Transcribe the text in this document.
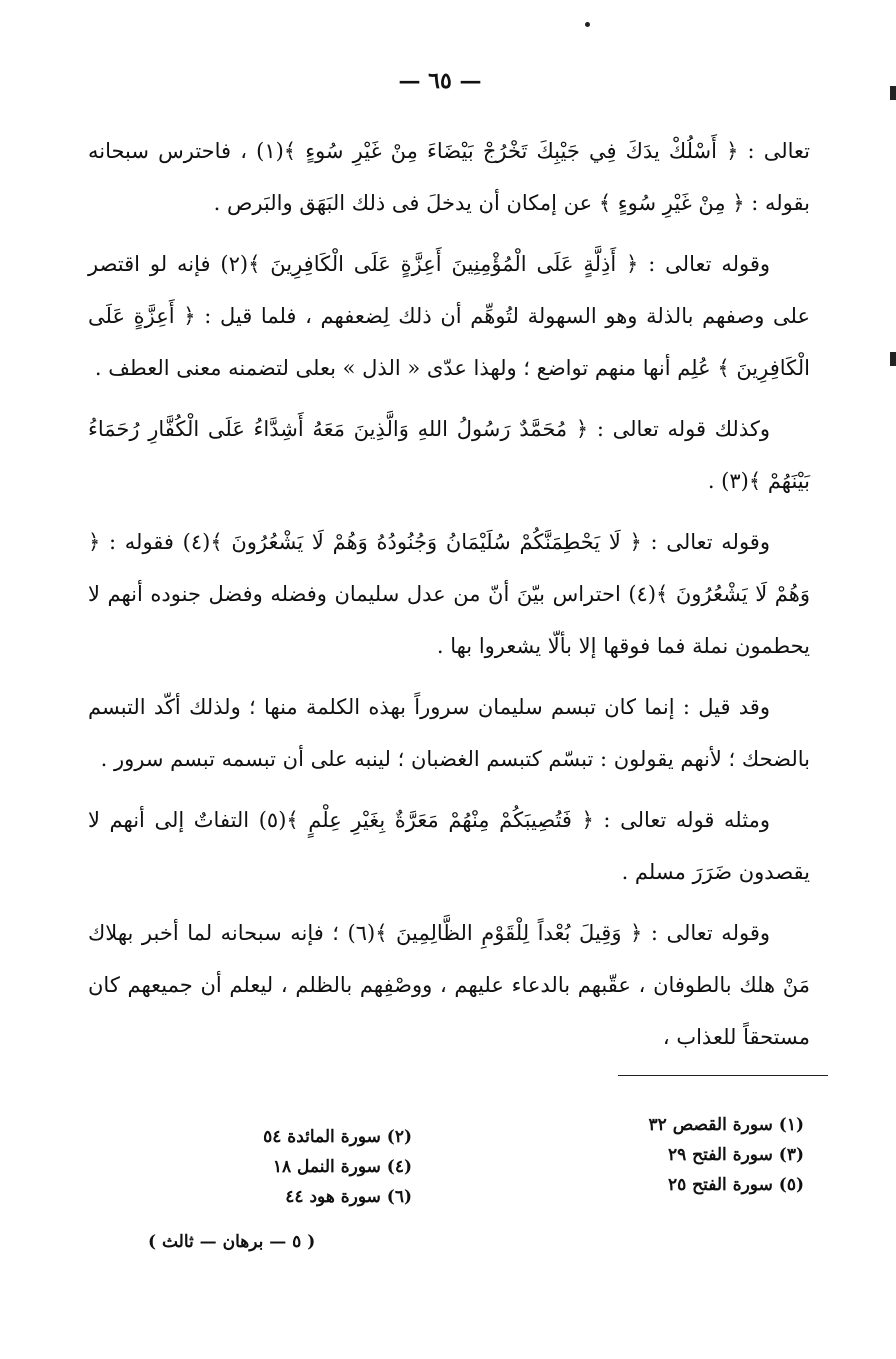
— ٦٥ —

تعالى : ﴿ أَسْلُكْ يدَكَ فِي جَيْبِكَ تَخْرُجْ بَيْضَاءَ مِنْ غَيْرِ سُوءٍ ﴾(١) ، فاحترس سبحانه بقوله : ﴿ مِنْ غَيْرِ سُوءٍ ﴾ عن إمكان أن يدخلَ فى ذلك البَهَق والبَرص .

وقوله تعالى : ﴿ أَذِلَّةٍ عَلَى الْمُؤْمِنِينَ أَعِزَّةٍ عَلَى الْكَافِرِينَ ﴾(٢) فإنه لو اقتصر على وصفهم بالذلة وهو السهولة لتُوهِّم أن ذلك لِضعفهم ، فلما قيل : ﴿ أَعِزَّةٍ عَلَى الْكَافِرِينَ ﴾ عُلِم أنها منهم تواضع ؛ ولهذا عدّى « الذل » بعلى لتضمنه معنى العطف .

وكذلك قوله تعالى : ﴿ مُحَمَّدٌ رَسُولُ اللهِ وَالَّذِينَ مَعَهُ أَشِدَّاءُ عَلَى الْكُفَّارِ رُحَمَاءُ بَيْنَهُمْ ﴾(٣) .

وقوله تعالى : ﴿ لَا يَحْطِمَنَّكُمْ سُلَيْمَانُ وَجُنُودُهُ وَهُمْ لَا يَشْعُرُونَ ﴾(٤) فقوله : ﴿ وَهُمْ لَا يَشْعُرُونَ ﴾(٤) احتراس بيّنَ أنّ من عدل سليمان وفضله وفضل جنوده أنهم لا يحطمون نملة فما فوقها إلا بألّا يشعروا بها .

وقد قيل : إنما كان تبسم سليمان سروراً بهذه الكلمة منها ؛ ولذلك أكّد التبسم بالضحك ؛ لأنهم يقولون : تبسّم كتبسم الغضبان ؛ لينبه على أن تبسمه تبسم سرور .

ومثله قوله تعالى : ﴿ فَتُصِيبَكُمْ مِنْهُمْ مَعَرَّةٌ بِغَيْرِ عِلْمٍ ﴾(٥) التفاتٌ إلى أنهم لا يقصدون ضَرَرَ مسلم .

وقوله تعالى : ﴿ وَقِيلَ بُعْداً لِلْقَوْمِ الظَّالِمِينَ ﴾(٦) ؛ فإنه سبحانه لما أخبر بهلاك مَنْ هلك بالطوفان ، عقّبهم بالدعاء عليهم ، ووصْفِهم بالظلم ، ليعلم أن جميعهم كان مستحقاً للعذاب ،

(١) سورة القصص ٣٢
(٣) سورة الفتح ٢٩
(٥) سورة الفتح ٢٥
(٢) سورة المائدة ٥٤
(٤) سورة النمل ١٨
(٦) سورة هود ٤٤
( ٥ — برهان — ثالث )
